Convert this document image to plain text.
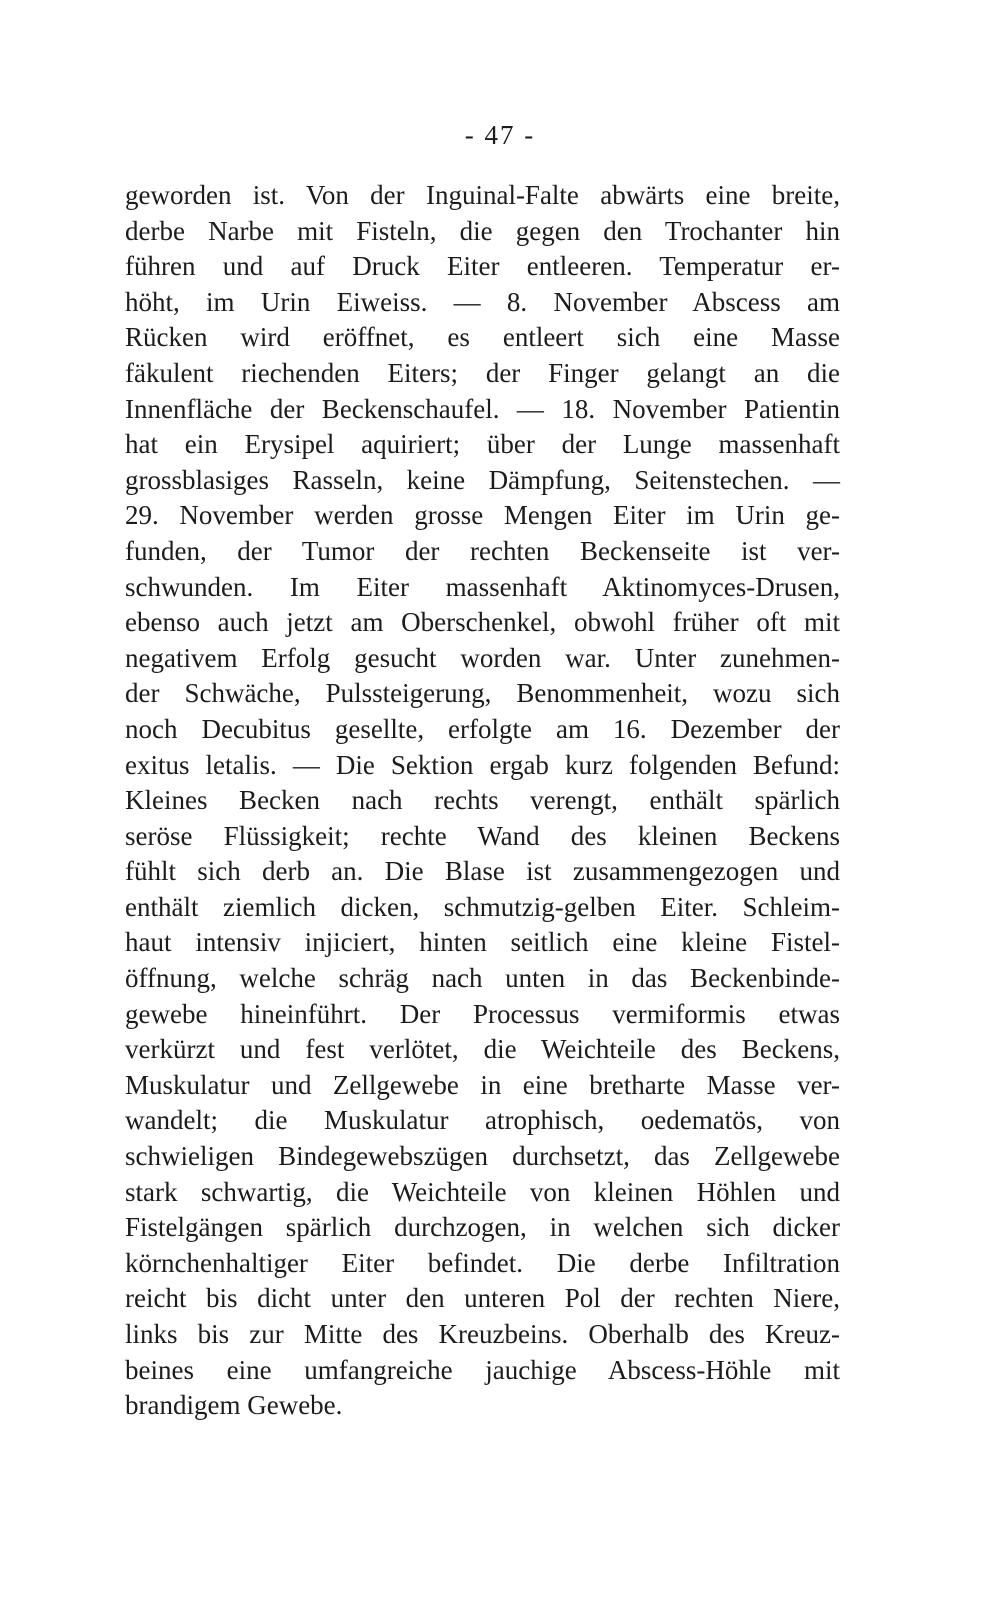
- 47 -
geworden ist. Von der Inguinal-Falte abwärts eine breite,
derbe Narbe mit Fisteln, die gegen den Trochanter hin
führen und auf Druck Eiter entleeren. Temperatur er-
höht, im Urin Eiweiss. — 8. November Abscess am
Rücken wird eröffnet, es entleert sich eine Masse
fäkulent riechenden Eiters; der Finger gelangt an die
Innenfläche der Beckenschaufel. — 18. November Patientin
hat ein Erysipel aquiriert; über der Lunge massenhaft
grossblasiges Rasseln, keine Dämpfung, Seitenstechen. —
29. November werden grosse Mengen Eiter im Urin ge-
funden, der Tumor der rechten Beckenseite ist ver-
schwunden. Im Eiter massenhaft Aktinomyces-Drusen,
ebenso auch jetzt am Oberschenkel, obwohl früher oft mit
negativem Erfolg gesucht worden war. Unter zunehmen-
der Schwäche, Pulssteigerung, Benommenheit, wozu sich
noch Decubitus gesellte, erfolgte am 16. Dezember der
exitus letalis. — Die Sektion ergab kurz folgenden Befund:
Kleines Becken nach rechts verengt, enthält spärlich
seröse Flüssigkeit; rechte Wand des kleinen Beckens
fühlt sich derb an. Die Blase ist zusammengezogen und
enthält ziemlich dicken, schmutzig-gelben Eiter. Schleim-
haut intensiv injiciert, hinten seitlich eine kleine Fistel-
öffnung, welche schräg nach unten in das Beckenbinde-
gewebe hineinführt. Der Processus vermiformis etwas
verkürzt und fest verlötet, die Weichteile des Beckens,
Muskulatur und Zellgewebe in eine bretharte Masse ver-
wandelt; die Muskulatur atrophisch, oedematös, von
schwieligen Bindegewebszügen durchsetzt, das Zellgewebe
stark schwartig, die Weichteile von kleinen Höhlen und
Fistelgängen spärlich durchzogen, in welchen sich dicker
körnchenhaltiger Eiter befindet. Die derbe Infiltration
reicht bis dicht unter den unteren Pol der rechten Niere,
links bis zur Mitte des Kreuzbeins. Oberhalb des Kreuz-
beines eine umfangreiche jauchige Abscess-Höhle mit
brandigem Gewebe.
